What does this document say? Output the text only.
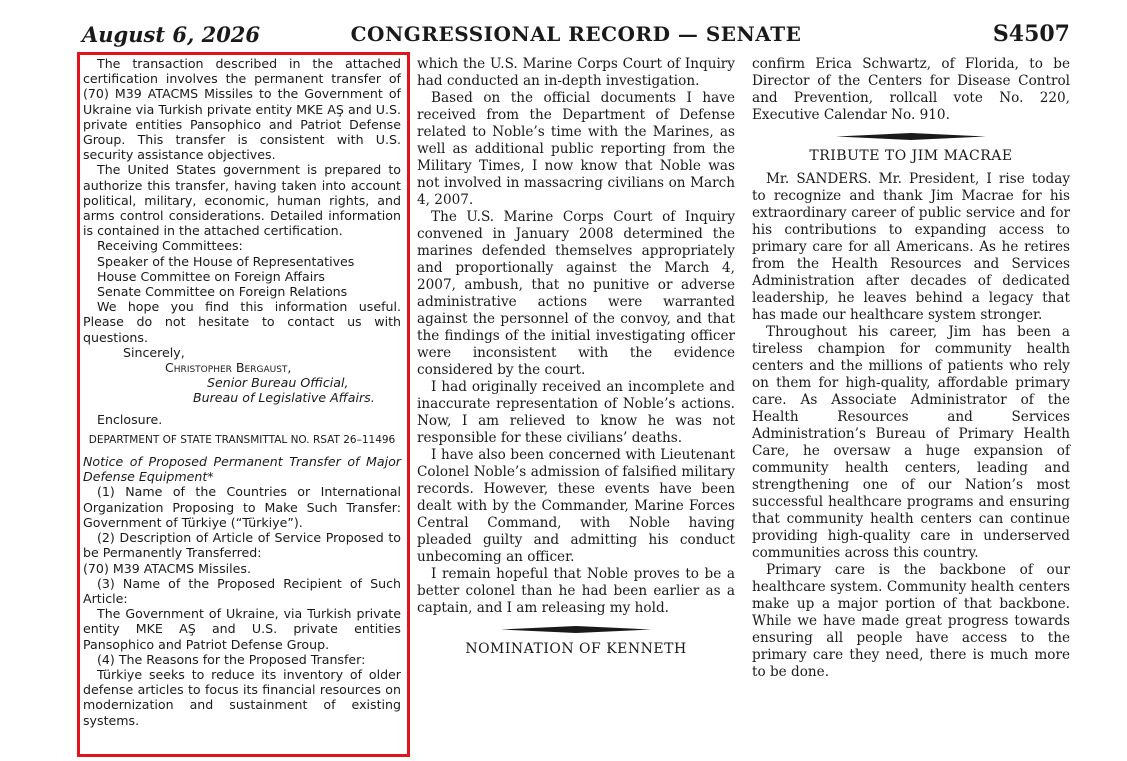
August 6, 2026	CONGRESSIONAL RECORD — SENATE	S4507

The transaction described in the attached certification involves the permanent transfer of (70) M39 ATACMS Missiles to the Government of Ukraine via Turkish private entity MKE AŞ and U.S. private entities Pansophico and Patriot Defense Group. This transfer is consistent with U.S. security assistance objectives.

The United States government is prepared to authorize this transfer, having taken into account political, military, economic, human rights, and arms control considerations. Detailed information is contained in the attached certification.

Receiving Committees:

Speaker of the House of Representatives

House Committee on Foreign Affairs

Senate Committee on Foreign Relations

We hope you find this information useful. Please do not hesitate to contact us with questions.

Sincerely,

Christopher Bergaust,

Senior Bureau Official,

Bureau of Legislative Affairs.

Enclosure.

DEPARTMENT OF STATE TRANSMITTAL NO. RSAT 26–11496

Notice of Proposed Permanent Transfer of Major Defense Equipment*

(1) Name of the Countries or International Organization Proposing to Make Such Transfer: Government of Türkiye (“Türkiye”).

(2) Description of Article of Service Proposed to be Permanently Transferred:

(70) M39 ATACMS Missiles.

(3) Name of the Proposed Recipient of Such Article:

The Government of Ukraine, via Turkish private entity MKE AŞ and U.S. private entities Pansophico and Patriot Defense Group.

(4) The Reasons for the Proposed Transfer:

Türkiye seeks to reduce its inventory of older defense articles to focus its financial resources on modernization and sustainment of existing systems.

which the U.S. Marine Corps Court of Inquiry had conducted an in-depth investigation.

Based on the official documents I have received from the Department of Defense related to Noble’s time with the Marines, as well as additional public reporting from the Military Times, I now know that Noble was not involved in massacring civilians on March 4, 2007.

The U.S. Marine Corps Court of Inquiry convened in January 2008 determined the marines defended themselves appropriately and proportionally against the March 4, 2007, ambush, that no punitive or adverse administrative actions were warranted against the personnel of the convoy, and that the findings of the initial investigating officer were inconsistent with the evidence considered by the court.

I had originally received an incomplete and inaccurate representation of Noble’s actions. Now, I am relieved to know he was not responsible for these civilians’ deaths.

I have also been concerned with Lieutenant Colonel Noble’s admission of falsified military records. However, these events have been dealt with by the Commander, Marine Forces Central Command, with Noble having pleaded guilty and admitting his conduct unbecoming an officer.

I remain hopeful that Noble proves to be a better colonel than he had been earlier as a captain, and I am releasing my hold.

NOMINATION OF KENNETH

confirm Erica Schwartz, of Florida, to be Director of the Centers for Disease Control and Prevention, rollcall vote No. 220, Executive Calendar No. 910.

TRIBUTE TO JIM MACRAE

Mr. SANDERS. Mr. President, I rise today to recognize and thank Jim Macrae for his extraordinary career of public service and for his contributions to expanding access to primary care for all Americans. As he retires from the Health Resources and Services Administration after decades of dedicated leadership, he leaves behind a legacy that has made our healthcare system stronger.

Throughout his career, Jim has been a tireless champion for community health centers and the millions of patients who rely on them for high-quality, affordable primary care. As Associate Administrator of the Health Resources and Services Administration’s Bureau of Primary Health Care, he oversaw a huge expansion of community health centers, leading and strengthening one of our Nation’s most successful healthcare programs and ensuring that community health centers can continue providing high-quality care in underserved communities across this country.

Primary care is the backbone of our healthcare system. Community health centers make up a major portion of that backbone. While we have made great progress towards ensuring all people have access to the primary care they need, there is much more to be done.
